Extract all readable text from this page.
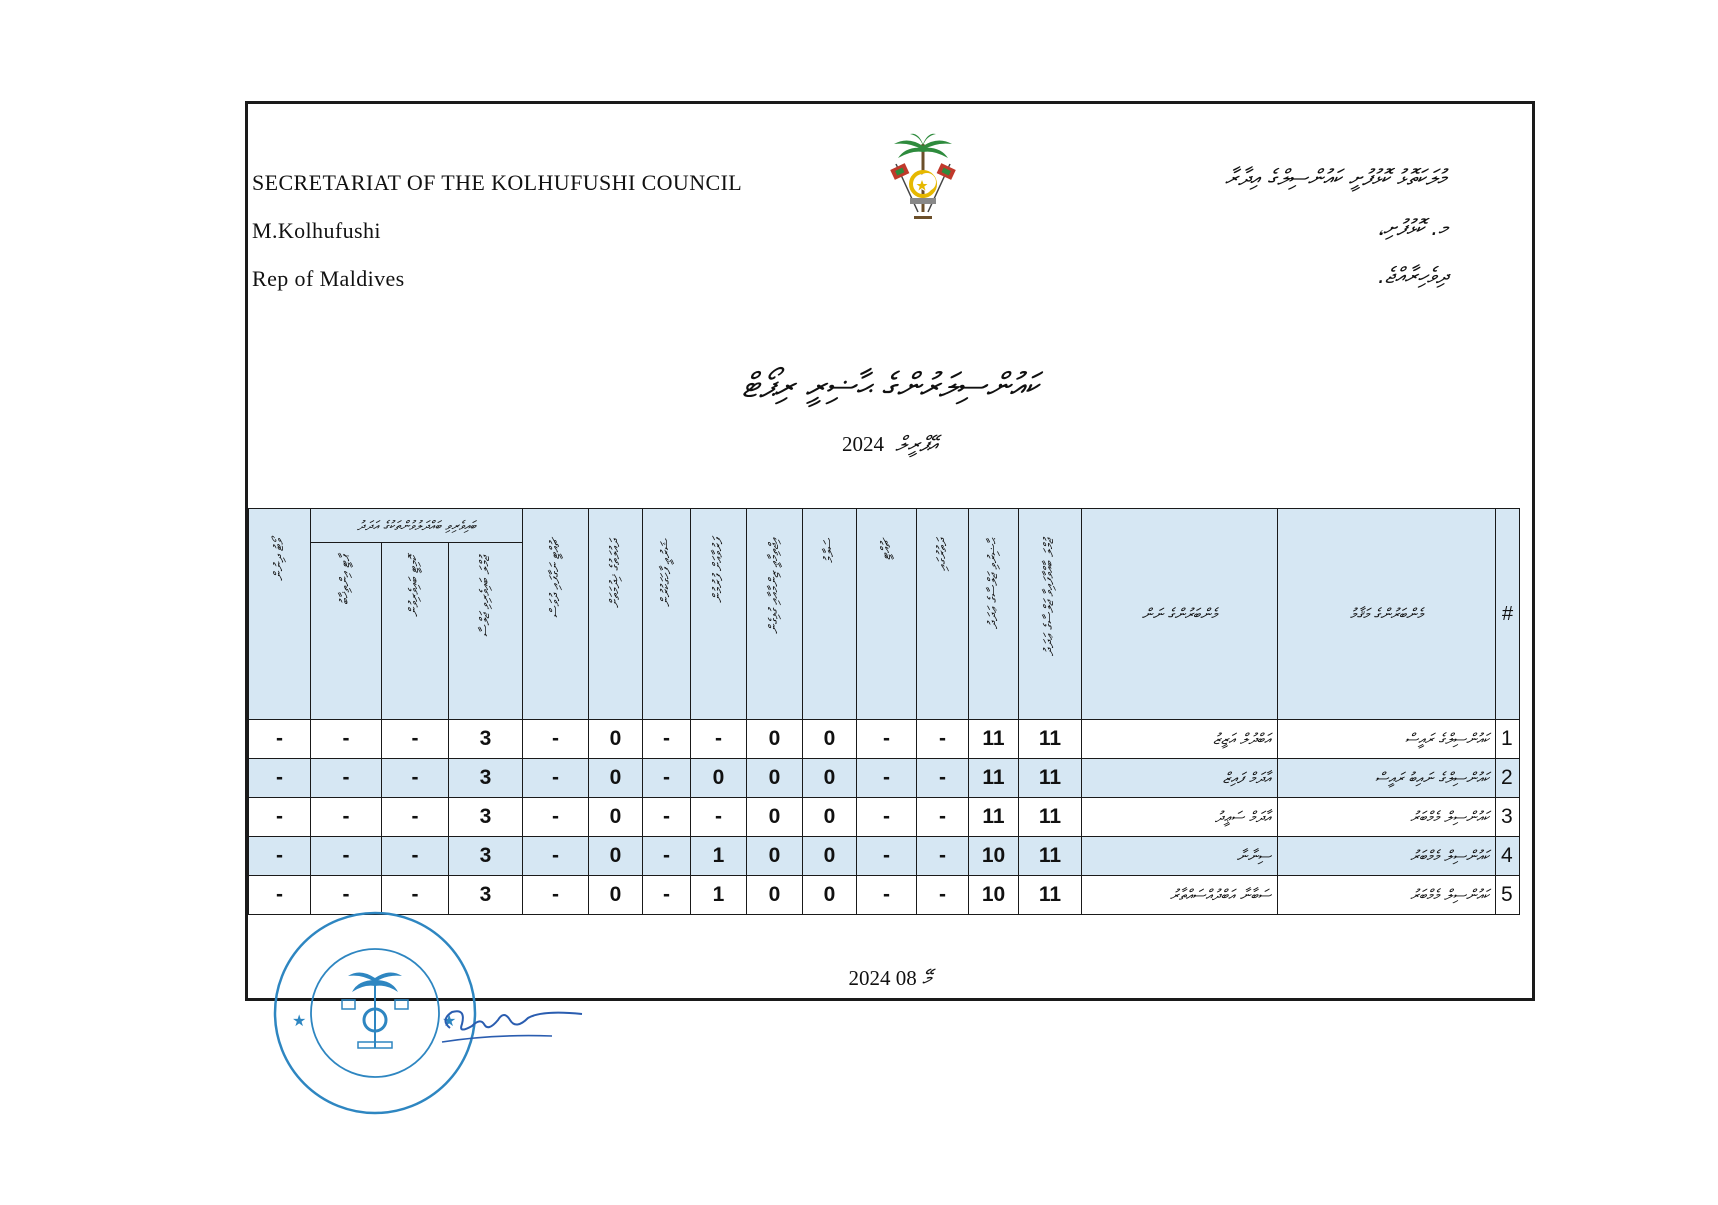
SECRETARIAT OF THE KOLHUFUSHI COUNCIL
M.Kolhufushi
Rep of Maldives
މުލަކަތޮޅު ކޮޅުފުށީ ކައުންސިލްގެ އިދާރާ
މ. ކޮޅުފުށި،
ދިވެހިރާއްޖެ.
ކައުންސިލަރުންގެ ޙާޟިރީ ރިޕޯޓް
2024 އޭޕްރީލް
ވޯޓު ދިނުން	ބައިވެރިވި ބައްދަލުވުންތަކުގެ އަދަދު			ޗުއްޓީ ނަގާފައި ދުވަސް	ދައުލަތުގެ ޚިދުމަތަށް	ޝަރުޢީ ފާހަގަކުރުން	ފަރުވާއަށް ފުރުމުން	އިޖްތިމާޢީ ޒިންމާއާއި ގުޅިގެން	ސަލާމު	ޗުއްޓީ	ދަތުރުގައި	ޙާޟިރުވި ޖަލްސާގެ ޢަދަދު	ޖުމްލަ ބާއްވާފައިވާ ޖަލްސާގެ ޢަދަދު	މެންބަރުންގެ ނަން	މެންބަރުންގެ މަޤާމު	#

	ޕާޓީ އިންތިޚާބު	ކޮމިޓީ ބައިވެރިވުން	ޖުމްލަ ބައިވެރިވި ޖަލްސާ													

-	-	-	3	-	0	-	-	0	0	-	-	11	11	އަބްދުލް އަޒީޒު	ކައުންސިލްގެ ރައީސް	1
-	-	-	3	-	0	-	0	0	0	-	-	11	11	އާދަމް ފައިޒް	ކައުންސިލްގެ ނައިބު ރައީސް	2
-	-	-	3	-	0	-	-	0	0	-	-	11	11	އާދަމް ސަޢީދު	ކައުންސިލް މެމްބަރު	3
-	-	-	3	-	0	-	1	0	0	-	-	10	11	ސިނާނާ	ކައުންސިލް މެމްބަރު	4
-	-	-	3	-	0	-	1	0	0	-	-	10	11	ސަބާނާ އަބްދުއްސައްތާރު	ކައުންސިލް މެމްބަރު	5
2024 މޭ 08
★	★
